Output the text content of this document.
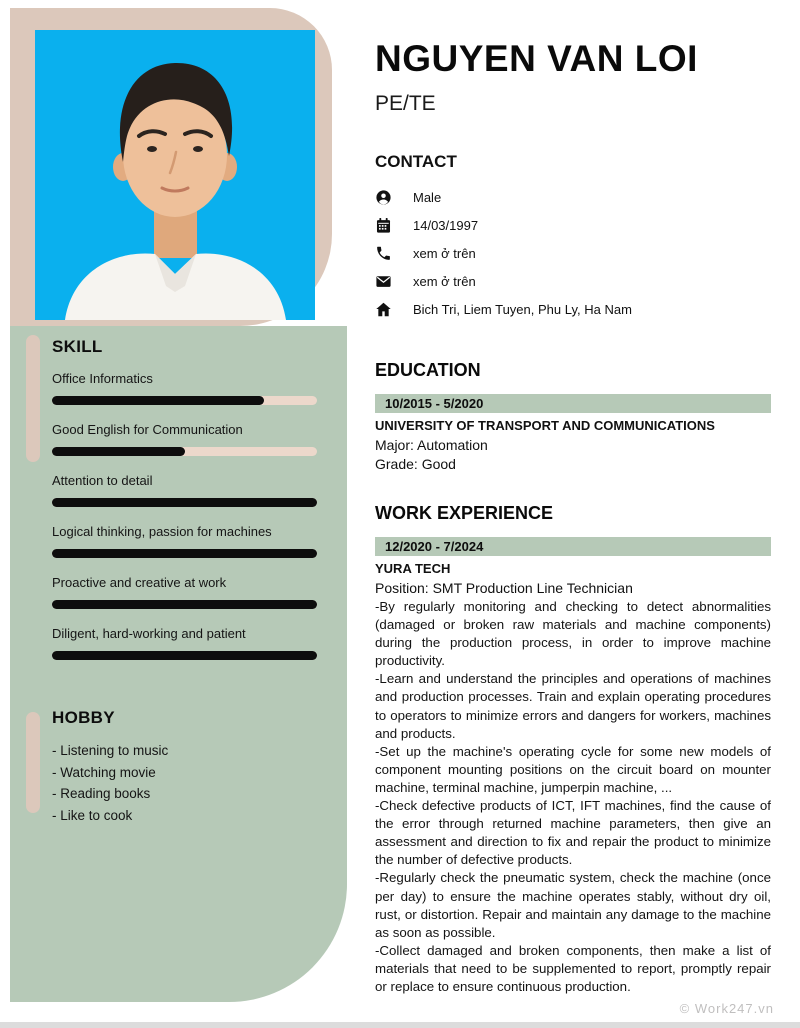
SKILL
Office Informatics
Good English for Communication
Attention to detail
Logical thinking, passion for machines
Proactive and creative at work
Diligent, hard-working and patient
HOBBY
- Listening to music
- Watching movie
- Reading books
- Like to cook
NGUYEN VAN LOI
PE/TE
CONTACT
Male
14/03/1997
xem ở trên
xem ở trên
Bich Tri, Liem Tuyen, Phu Ly, Ha Nam
EDUCATION
10/2015 - 5/2020
UNIVERSITY OF TRANSPORT AND COMMUNICATIONS
Major: Automation
Grade: Good
WORK EXPERIENCE
12/2020 - 7/2024
YURA TECH
Position: SMT Production Line Technician

-By regularly monitoring and checking to detect abnormalities (damaged or broken raw materials and machine components) during the production process, in order to improve machine productivity.

-Learn and understand the principles and operations of machines and production processes. Train and explain operating procedures to operators to minimize errors and dangers for workers, machines and products.

-Set up the machine's operating cycle for some new models of component mounting positions on the circuit board on mounter machine, terminal machine, jumperpin machine, ...

-Check defective products of ICT, IFT machines, find the cause of the error through returned machine parameters, then give an assessment and direction to fix and repair the product to minimize the number of defective products.

-Regularly check the pneumatic system, check the machine (once per day) to ensure the machine operates stably, without dry oil, rust, or distortion. Repair and maintain any damage to the machine as soon as possible.

-Collect damaged and broken components, then make a list of materials that need to be supplemented to report, promptly repair or replace to ensure continuous production.

© Work247.vn
